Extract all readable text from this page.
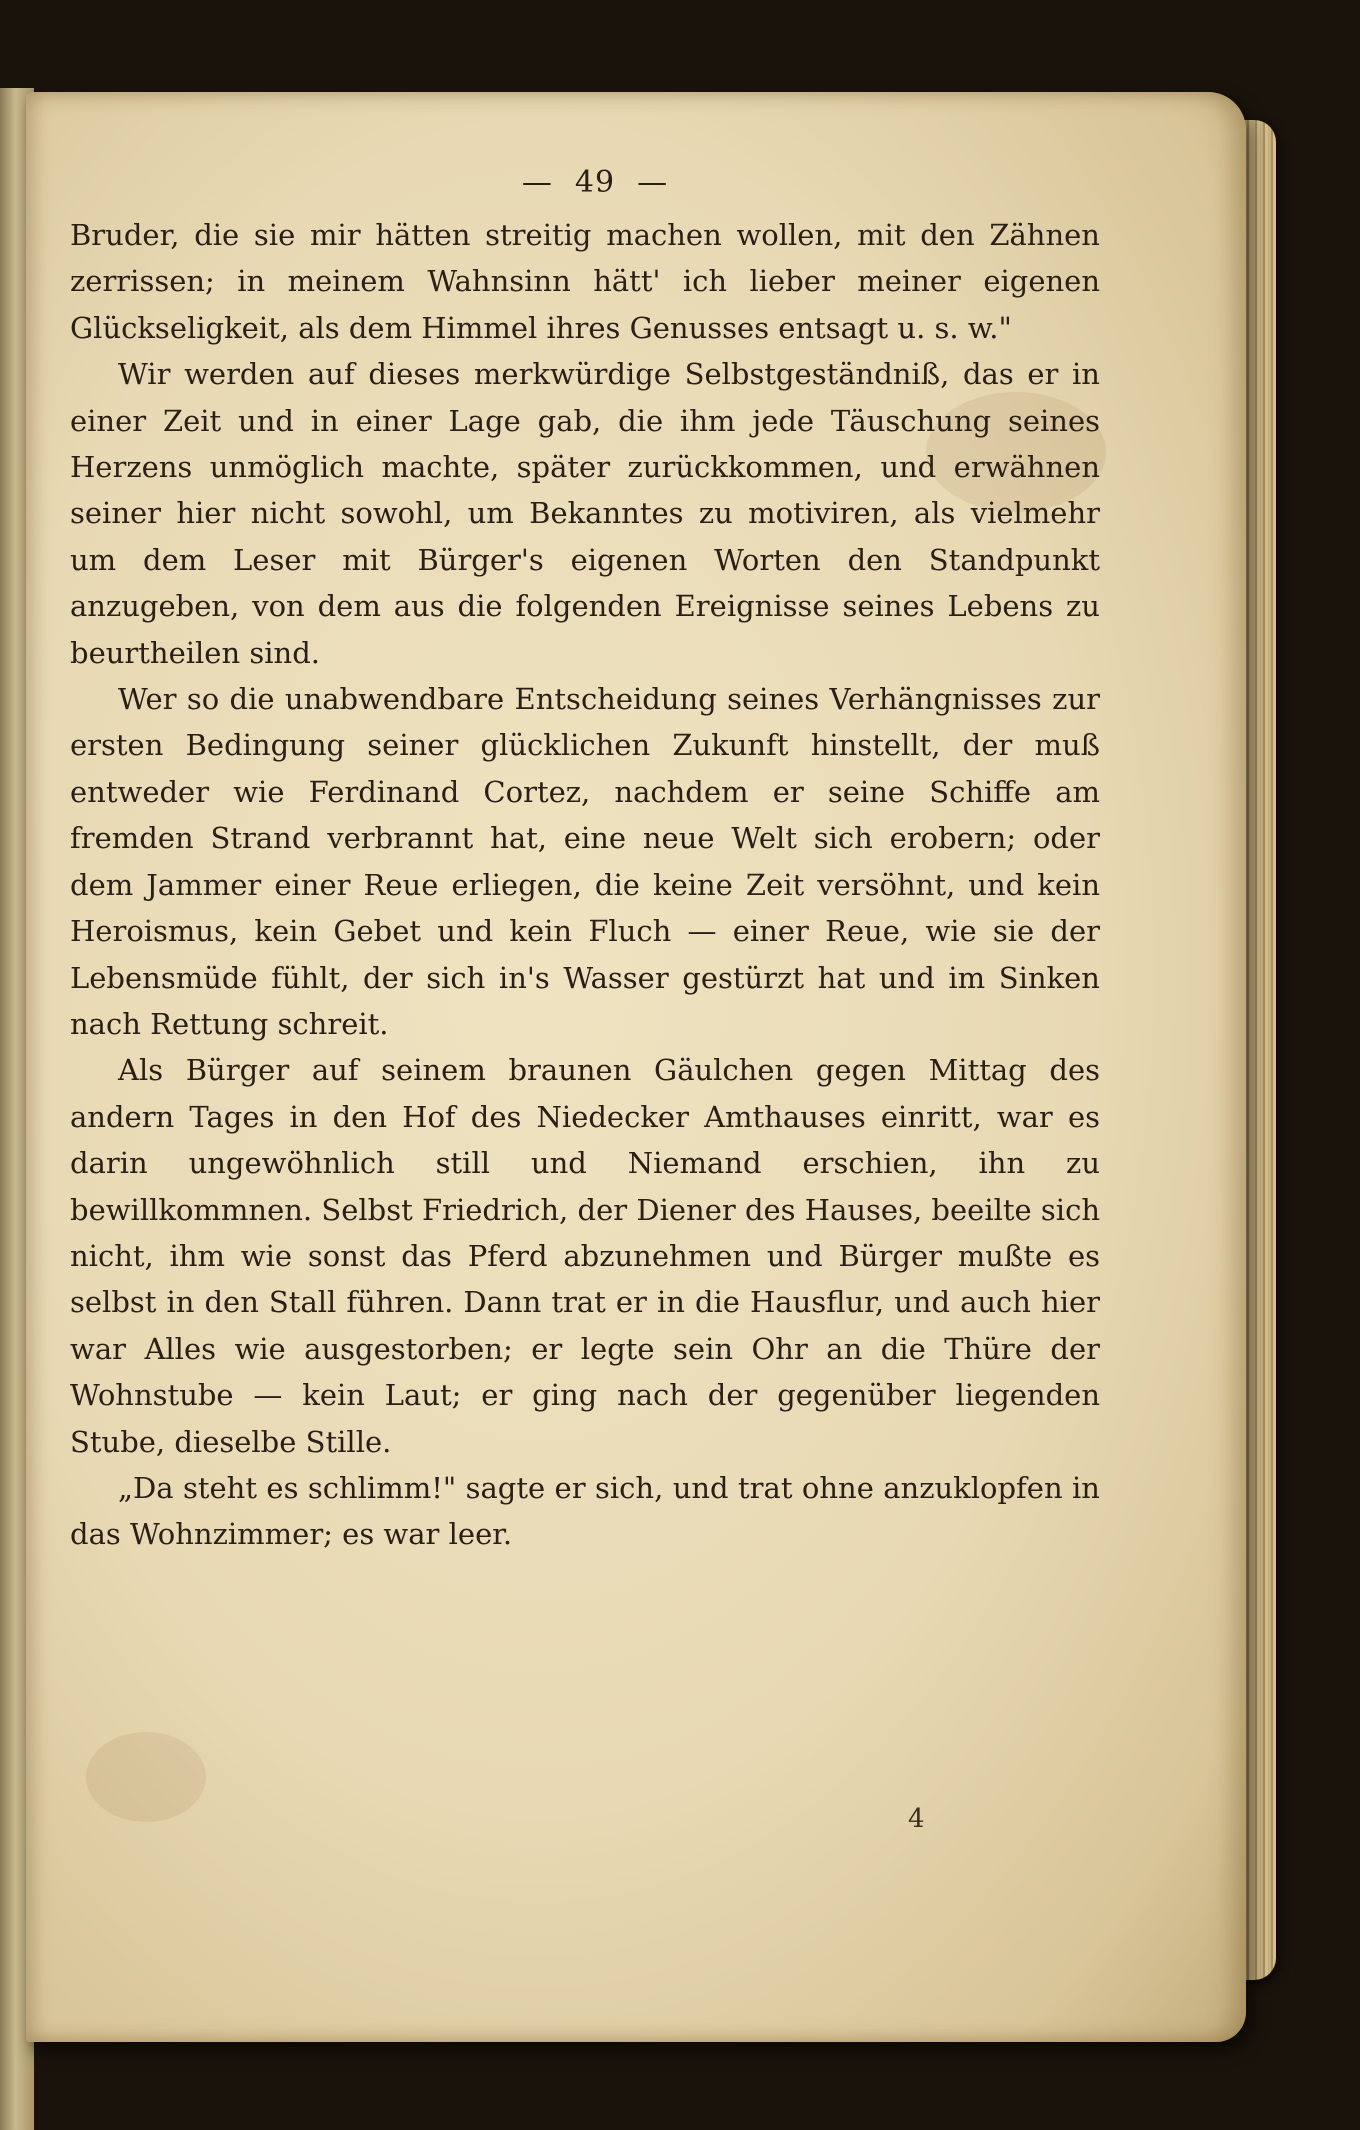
— 49 —

Bruder, die sie mir hätten streitig machen wollen, mit den Zähnen zerrissen; in meinem Wahnsinn hätt' ich lieber meiner eigenen Glückseligkeit, als dem Himmel ihres Genusses entsagt u. s. w."

Wir werden auf dieses merkwürdige Selbstgeständniß, das er in einer Zeit und in einer Lage gab, die ihm jede Täuschung seines Herzens unmöglich machte, später zurückkommen, und erwähnen seiner hier nicht sowohl, um Bekanntes zu motiviren, als vielmehr um dem Leser mit Bürger's eigenen Worten den Standpunkt anzugeben, von dem aus die folgenden Ereignisse seines Lebens zu beurtheilen sind.

Wer so die unabwendbare Entscheidung seines Verhängnisses zur ersten Bedingung seiner glücklichen Zukunft hinstellt, der muß entweder wie Ferdinand Cortez, nachdem er seine Schiffe am fremden Strand verbrannt hat, eine neue Welt sich erobern; oder dem Jammer einer Reue erliegen, die keine Zeit versöhnt, und kein Heroismus, kein Gebet und kein Fluch — einer Reue, wie sie der Lebensmüde fühlt, der sich in's Wasser gestürzt hat und im Sinken nach Rettung schreit.

Als Bürger auf seinem braunen Gäulchen gegen Mittag des andern Tages in den Hof des Niedecker Amthauses einritt, war es darin ungewöhnlich still und Niemand erschien, ihn zu bewillkommnen. Selbst Friedrich, der Diener des Hauses, beeilte sich nicht, ihm wie sonst das Pferd abzunehmen und Bürger mußte es selbst in den Stall führen. Dann trat er in die Hausflur, und auch hier war Alles wie ausgestorben; er legte sein Ohr an die Thüre der Wohnstube — kein Laut; er ging nach der gegenüber liegenden Stube, dieselbe Stille.

„Da steht es schlimm!" sagte er sich, und trat ohne anzuklopfen in das Wohnzimmer; es war leer.

4
